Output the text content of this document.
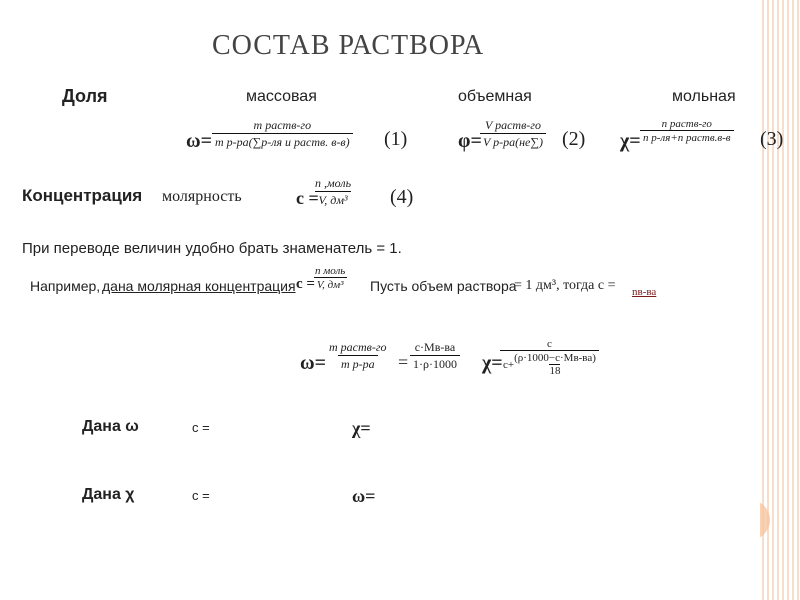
СОСТАВ РАСТВОРА
Доля	массовая	объемная	мольная
ω=
m раств-го
m р-ра(∑р-ля и раств. в-в) (1)	φ=
V раств-го
V р-ра(не∑) (2) χ=
n раств-го
n р-ля+n раств.в-в (3)
Концентрация молярность	c =
n ,моль
V, дм³ (4)
При переводе величин удобно брать знаменатель = 1.
Например, дана молярная концентрация c =
n моль
V, дм³ Пусть объем раствора
= 1 дм³, тогда c = nв-ва
ω=
m раств-го
m р-ра =
c·Mв-ва
1·ρ·1000 χ=
c
c+
(ρ·1000−c·Mв-ва)
18
Дана ω	c =	χ=
Дана χ	c =	ω=
